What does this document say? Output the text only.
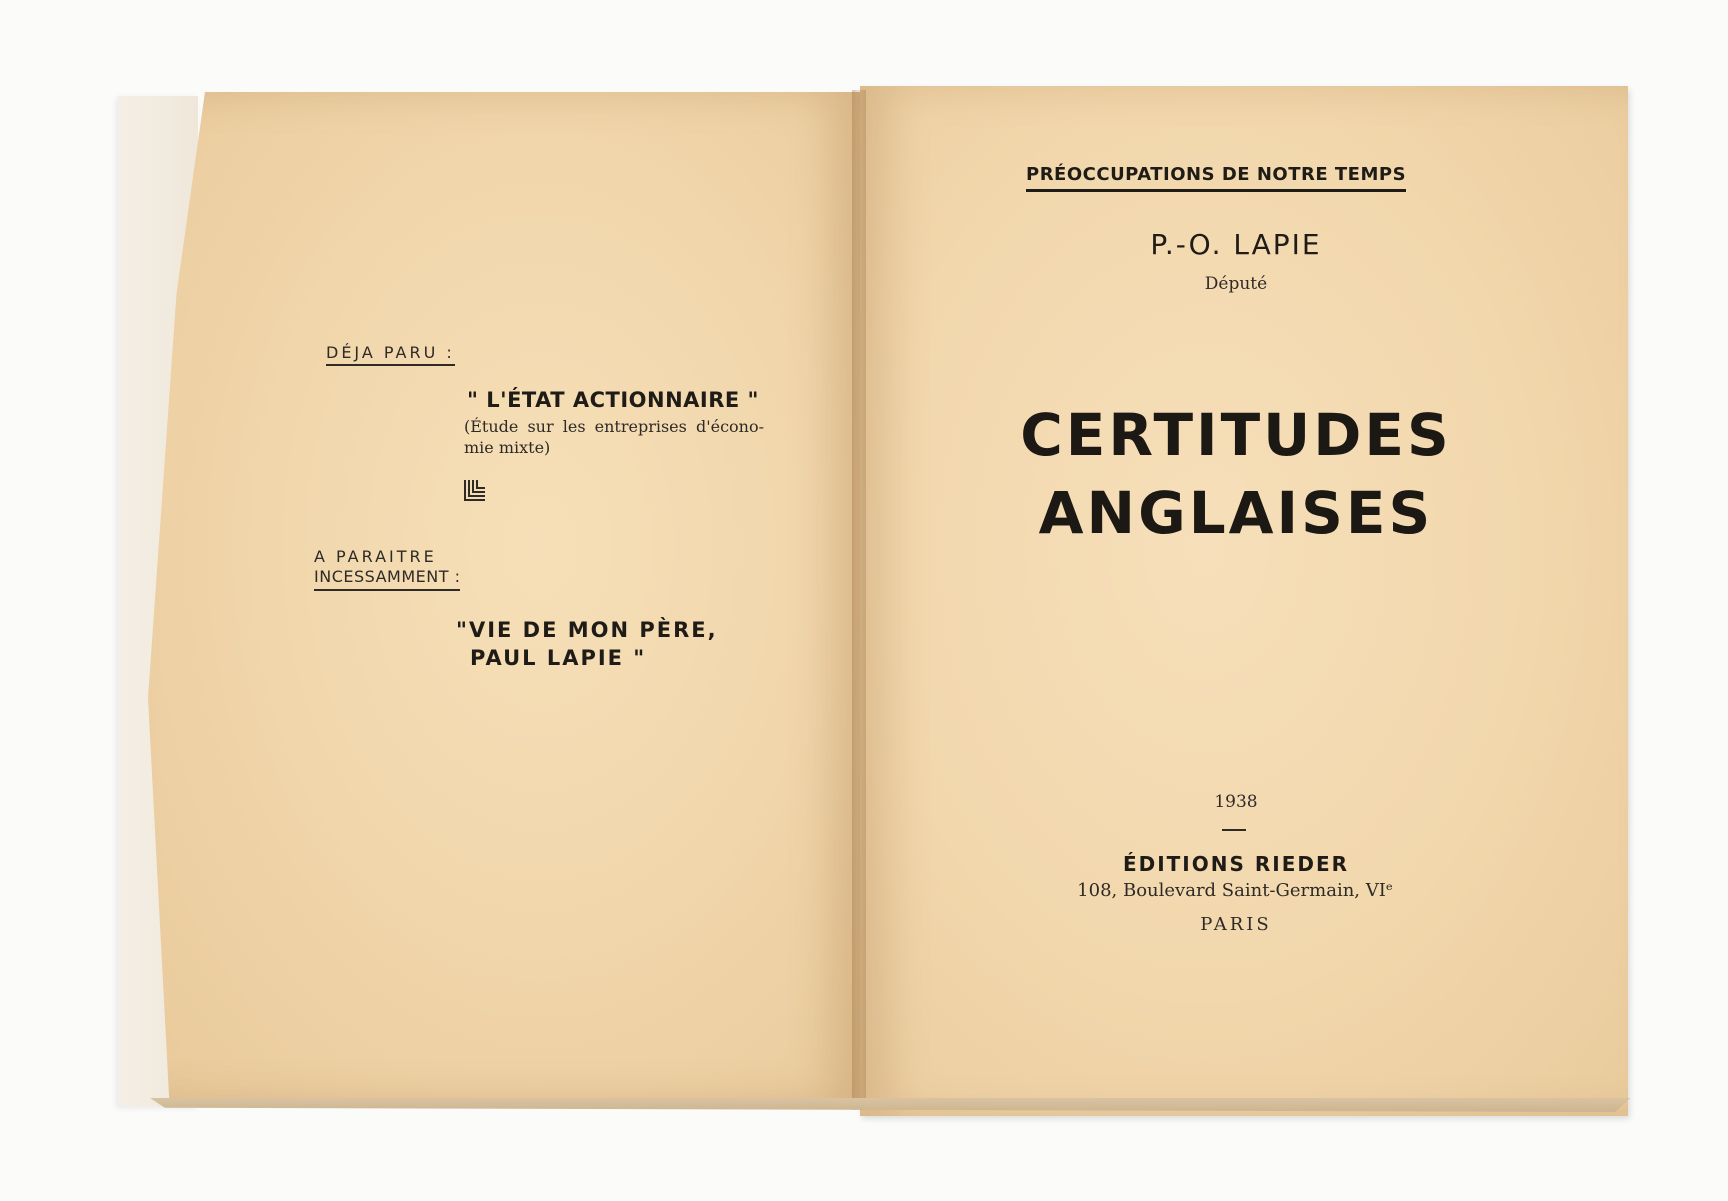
DÉJA PARU :
" L'ÉTAT ACTIONNAIRE "
(Étude sur les entreprises d'écono-mie mixte)
A PARAITRE
INCESSAMMENT :
"VIE DE MON PÈRE,
PAUL LAPIE "
PRÉOCCUPATIONS DE NOTRE TEMPS
P.-O. LAPIE
Député
CERTITUDES
ANGLAISES
1938
ÉDITIONS RIEDER
108, Boulevard Saint-Germain, VIᵉ
PARIS
